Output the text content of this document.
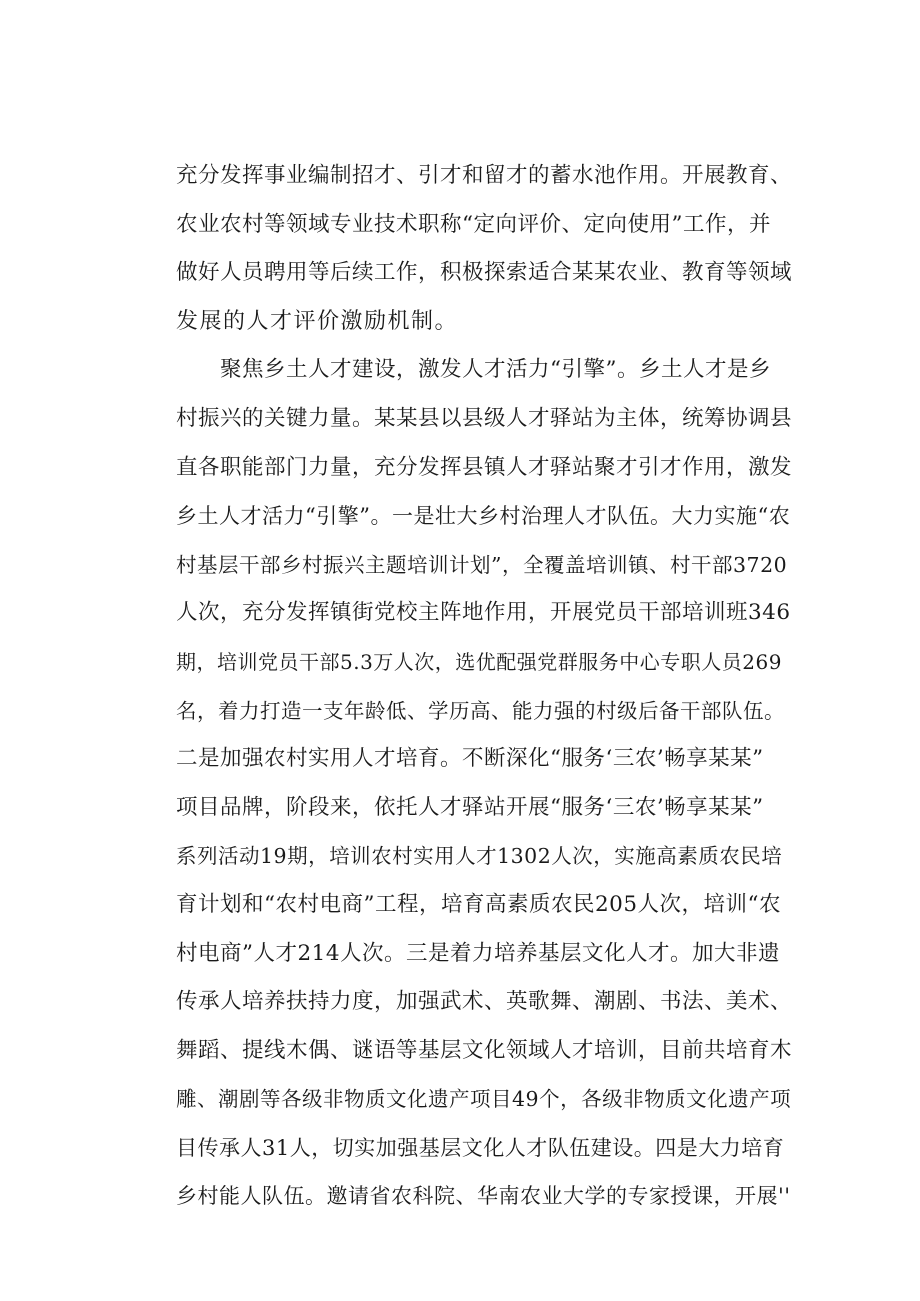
充分发挥事业编制招才、引才和留才的蓄水池作用。开展教育、
农业农村等领域专业技术职称“定向评价、定向使用”工作，并
做好人员聘用等后续工作，积极探索适合某某农业、教育等领域
发展的人才评价激励机制。
聚焦乡土人才建设，激发人才活力“引擎”。乡土人才是乡
村振兴的关键力量。某某县以县级人才驿站为主体，统筹协调县
直各职能部门力量，充分发挥县镇人才驿站聚才引才作用，激发
乡土人才活力“引擎”。一是壮大乡村治理人才队伍。大力实施“农
村基层干部乡村振兴主题培训计划”，全覆盖培训镇、村干部3720
人次，充分发挥镇街党校主阵地作用，开展党员干部培训班346
期，培训党员干部5.3万人次，选优配强党群服务中心专职人员269
名，着力打造一支年龄低、学历高、能力强的村级后备干部队伍。
二是加强农村实用人才培育。不断深化“服务‘三农’畅享某某”
项目品牌，阶段来，依托人才驿站开展“服务‘三农’畅享某某”
系列活动19期，培训农村实用人才1302人次，实施高素质农民培
育计划和“农村电商”工程，培育高素质农民205人次，培训“农
村电商”人才214人次。三是着力培养基层文化人才。加大非遗
传承人培养扶持力度，加强武术、英歌舞、潮剧、书法、美术、
舞蹈、提线木偶、谜语等基层文化领域人才培训，目前共培育木
雕、潮剧等各级非物质文化遗产项目49个，各级非物质文化遗产项
目传承人31人，切实加强基层文化人才队伍建设。四是大力培育
乡村能人队伍。邀请省农科院、华南农业大学的专家授课，开展''
